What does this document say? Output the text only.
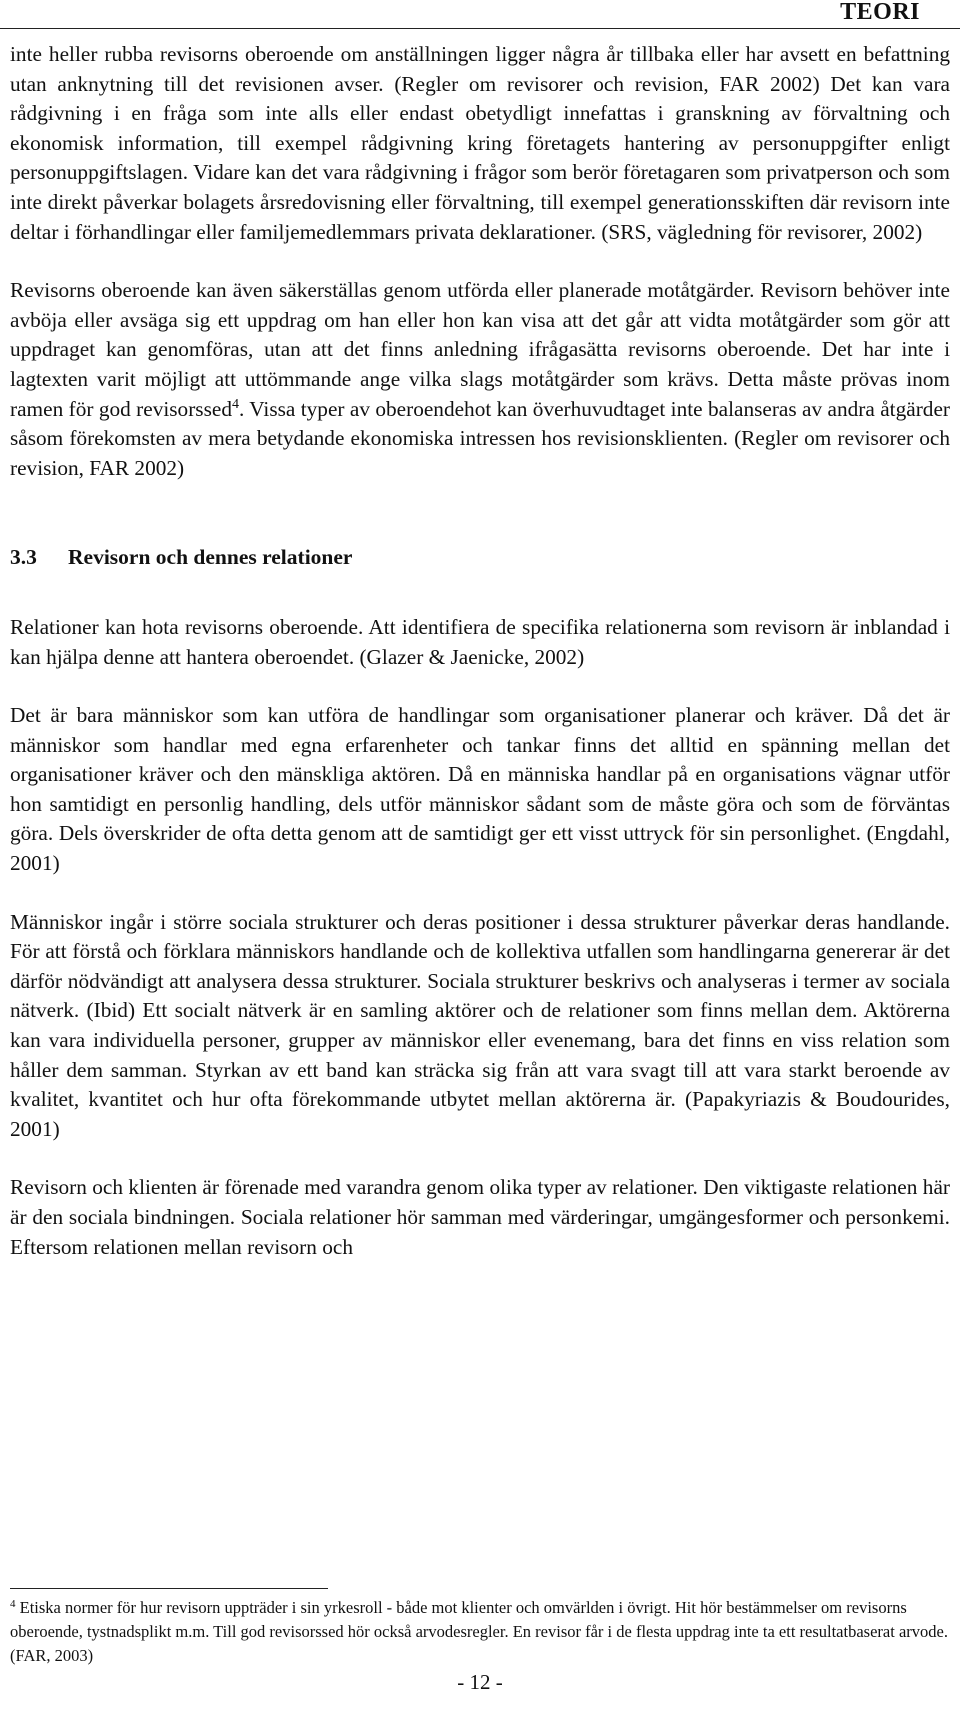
TEORI

inte heller rubba revisorns oberoende om anställningen ligger några år tillbaka eller har avsett en befattning utan anknytning till det revisionen avser. (Regler om revisorer och revision, FAR 2002) Det kan vara rådgivning i en fråga som inte alls eller endast obetydligt innefattas i granskning av förvaltning och ekonomisk information, till exempel rådgivning kring företagets hantering av personuppgifter enligt personuppgiftslagen. Vidare kan det vara rådgivning i frågor som berör företagaren som privatperson och som inte direkt påverkar bolagets årsredovisning eller förvaltning, till exempel generationsskiften där revisorn inte deltar i förhandlingar eller familjemedlemmars privata deklarationer. (SRS, vägledning för revisorer, 2002)

Revisorns oberoende kan även säkerställas genom utförda eller planerade motåtgärder. Revisorn behöver inte avböja eller avsäga sig ett uppdrag om han eller hon kan visa att det går att vidta motåtgärder som gör att uppdraget kan genomföras, utan att det finns anledning ifrågasätta revisorns oberoende. Det har inte i lagtexten varit möjligt att uttömmande ange vilka slags motåtgärder som krävs. Detta måste prövas inom ramen för god revisorssed$^4$. Vissa typer av oberoendehot kan överhuvudtaget inte balanseras av andra åtgärder såsom förekomsten av mera betydande ekonomiska intressen hos revisionsklienten. (Regler om revisorer och revision, FAR 2002)

3.3 Revisorn och dennes relationer

Relationer kan hota revisorns oberoende. Att identifiera de specifika relationerna som revisorn är inblandad i kan hjälpa denne att hantera oberoendet. (Glazer & Jaenicke, 2002)

Det är bara människor som kan utföra de handlingar som organisationer planerar och kräver. Då det är människor som handlar med egna erfarenheter och tankar finns det alltid en spänning mellan det organisationer kräver och den mänskliga aktören. Då en människa handlar på en organisations vägnar utför hon samtidigt en personlig handling, dels utför människor sådant som de måste göra och som de förväntas göra. Dels överskrider de ofta detta genom att de samtidigt ger ett visst uttryck för sin personlighet. (Engdahl, 2001)

Människor ingår i större sociala strukturer och deras positioner i dessa strukturer påverkar deras handlande. För att förstå och förklara människors handlande och de kollektiva utfallen som handlingarna genererar är det därför nödvändigt att analysera dessa strukturer. Sociala strukturer beskrivs och analyseras i termer av sociala nätverk. (Ibid) Ett socialt nätverk är en samling aktörer och de relationer som finns mellan dem. Aktörerna kan vara individuella personer, grupper av människor eller evenemang, bara det finns en viss relation som håller dem samman. Styrkan av ett band kan sträcka sig från att vara svagt till att vara starkt beroende av kvalitet, kvantitet och hur ofta förekommande utbytet mellan aktörerna är. (Papakyriazis & Boudourides, 2001)

Revisorn och klienten är förenade med varandra genom olika typer av relationer. Den viktigaste relationen här är den sociala bindningen. Sociala relationer hör samman med värderingar, umgängesformer och personkemi. Eftersom relationen mellan revisorn och

$^4$ Etiska normer för hur revisorn uppträder i sin yrkesroll - både mot klienter och omvärlden i övrigt. Hit hör bestämmelser om revisorns oberoende, tystnadsplikt m.m. Till god revisorssed hör också arvodesregler. En revisor får i de flesta uppdrag inte ta ett resultatbaserat arvode. (FAR, 2003)
- 12 -
